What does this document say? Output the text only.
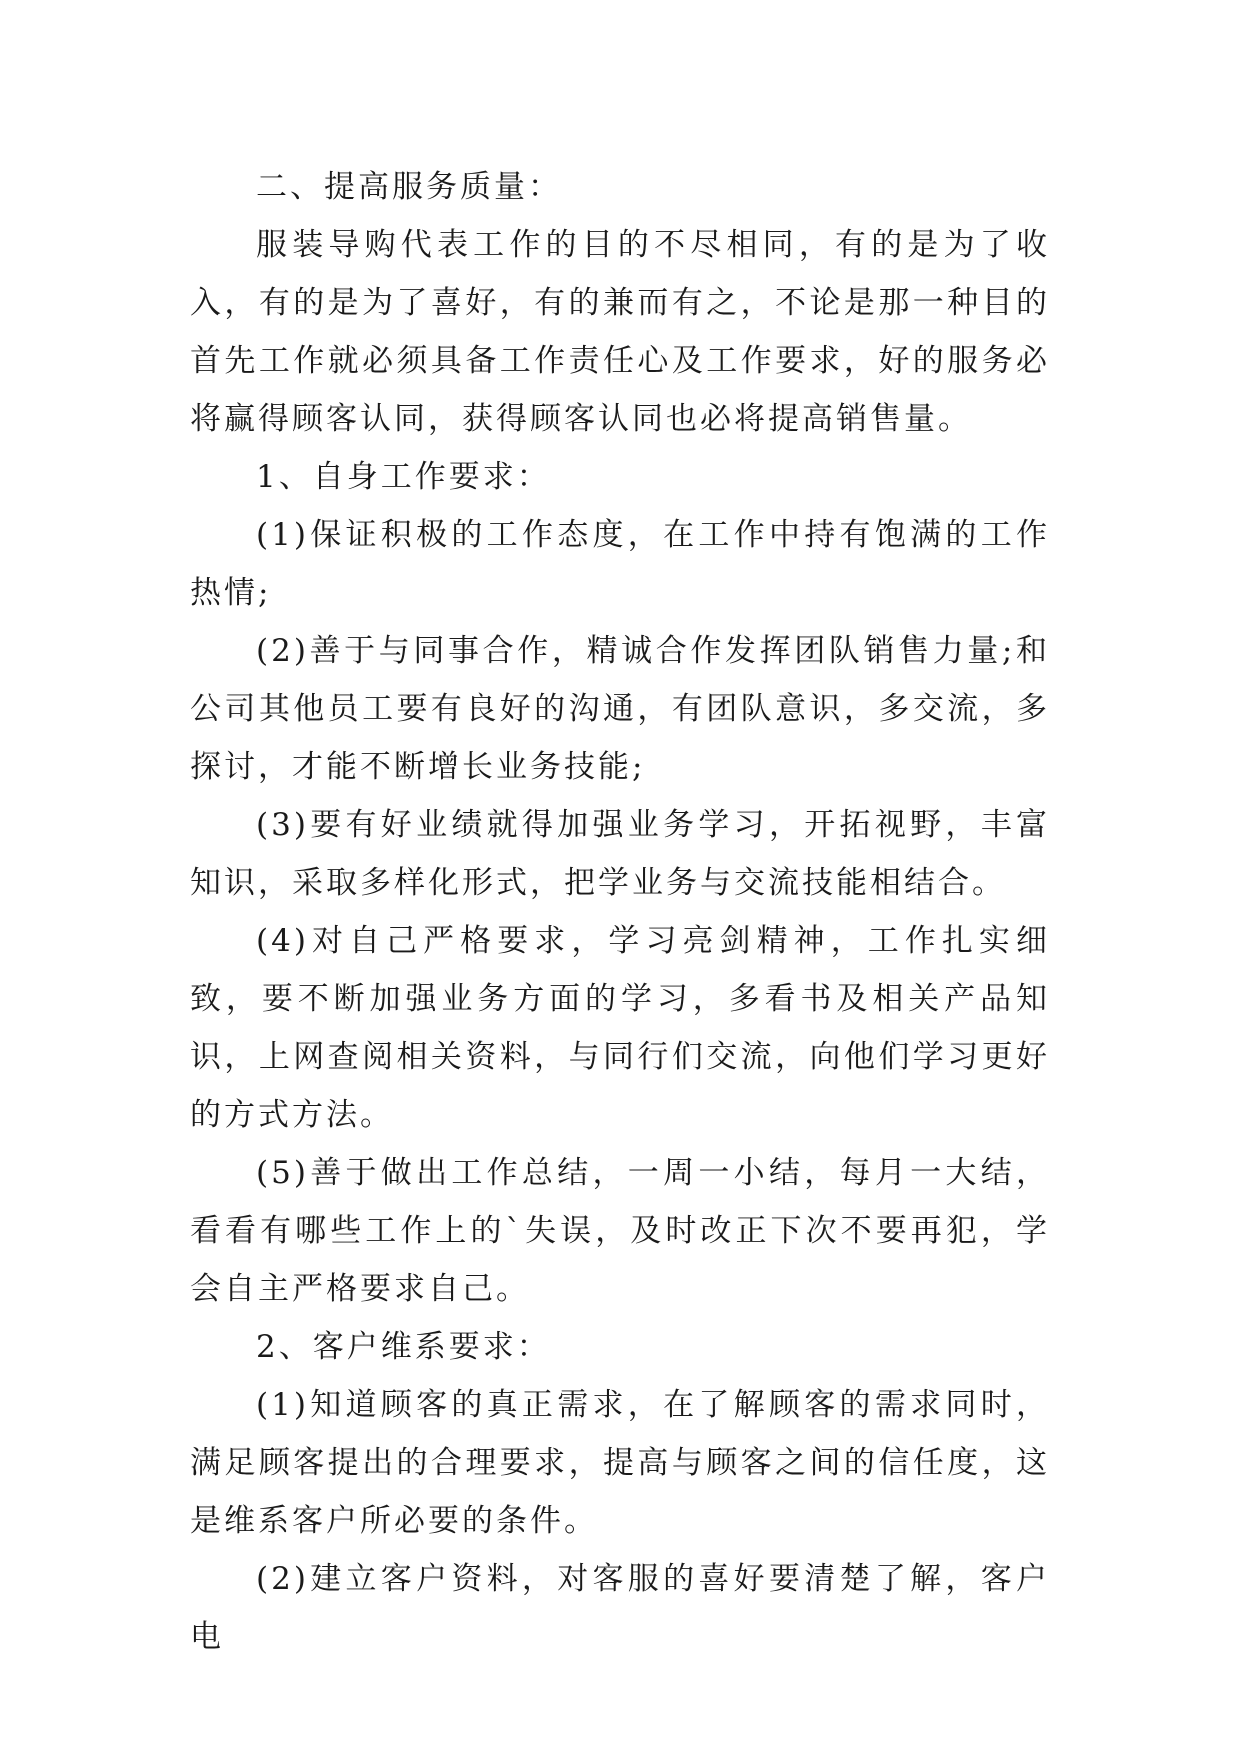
二、提高服务质量：

服装导购代表工作的目的不尽相同，有的是为了收入，有的是为了喜好，有的兼而有之，不论是那一种目的首先工作就必须具备工作责任心及工作要求，好的服务必将赢得顾客认同，获得顾客认同也必将提高销售量。

1、自身工作要求：

(1)保证积极的工作态度，在工作中持有饱满的工作热情;

(2)善于与同事合作，精诚合作发挥团队销售力量;和公司其他员工要有良好的沟通，有团队意识，多交流，多探讨，才能不断增长业务技能;

(3)要有好业绩就得加强业务学习，开拓视野，丰富知识，采取多样化形式，把学业务与交流技能相结合。

(4)对自己严格要求，学习亮剑精神，工作扎实细致，要不断加强业务方面的学习，多看书及相关产品知识，上网查阅相关资料，与同行们交流，向他们学习更好的方式方法。

(5)善于做出工作总结，一周一小结，每月一大结，看看有哪些工作上的`失误，及时改正下次不要再犯，学会自主严格要求自己。

2、客户维系要求：

(1)知道顾客的真正需求，在了解顾客的需求同时，满足顾客提出的合理要求，提高与顾客之间的信任度，这是维系客户所必要的条件。

(2)建立客户资料，对客服的喜好要清楚了解，客户电
